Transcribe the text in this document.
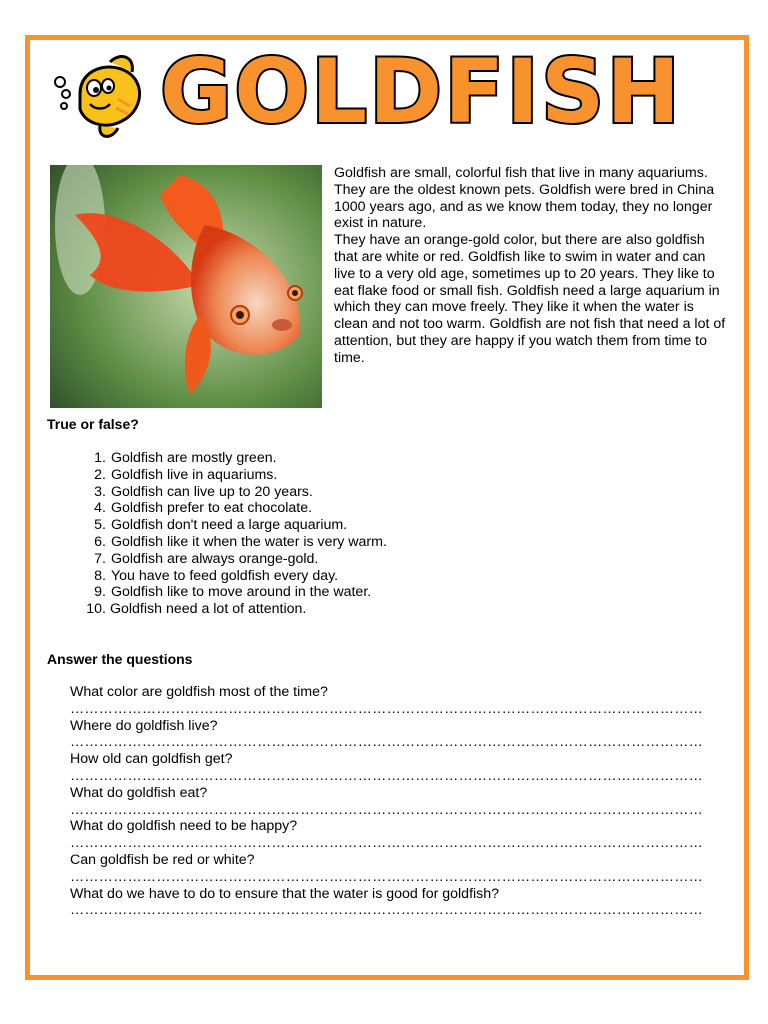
GOLDFISH

Goldfish are small, colorful fish that live in many aquariums. They are the oldest known pets. Goldfish were bred in China 1000 years ago, and as we know them today, they no longer exist in nature.

They have an orange-gold color, but there are also goldfish that are white or red. Goldfish like to swim in water and can live to a very old age, sometimes up to 20 years. They like to eat flake food or small fish. Goldfish need a large aquarium in which they can move freely. They like it when the water is clean and not too warm. Goldfish are not fish that need a lot of attention, but they are happy if you watch them from time to time.

True or false?
1. Goldfish are mostly green.
2. Goldfish live in aquariums.
3. Goldfish can live up to 20 years.
4. Goldfish prefer to eat chocolate.
5. Goldfish don't need a large aquarium.
6. Goldfish like it when the water is very warm.
7. Goldfish are always orange-gold.
8. You have to feed goldfish every day.
9. Goldfish like to move around in the water.
10. Goldfish need a lot of attention.
Answer the questions
What color are goldfish most of the time?
……………………………………………………………………………………………………………………
Where do goldfish live?
……………………………………………………………………………………………………………………
How old can goldfish get?
……………………………………………………………………………………………………………………
What do goldfish eat?
……………………………………………………………………………………………………………………
What do goldfish need to be happy?
……………………………………………………………………………………………………………………
Can goldfish be red or white?
……………………………………………………………………………………………………………………
What do we have to do to ensure that the water is good for goldfish?
……………………………………………………………………………………………………………………
